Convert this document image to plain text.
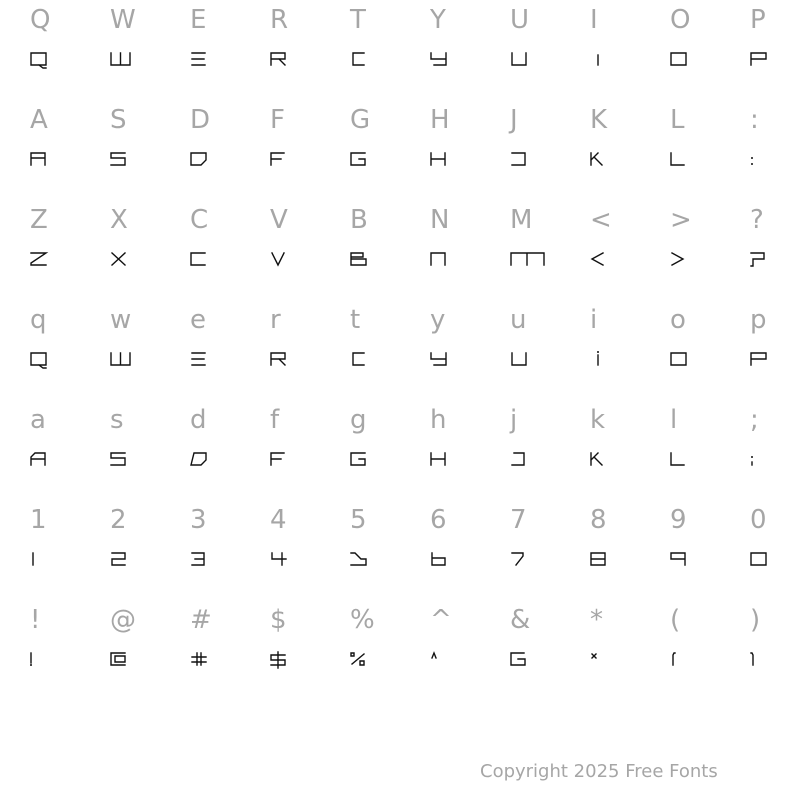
Q W E R T Y U I	O P
A S D F	G H J	K L	:
Z X C V B N M < > ?
q w e r	t	y u i	o p
a s	d f	g h j	k l	;
1 2 3 4 5 6 7 8 9 0
!	@ # $ % ^ & *	(	)
Copyright 2025 Free Fonts
